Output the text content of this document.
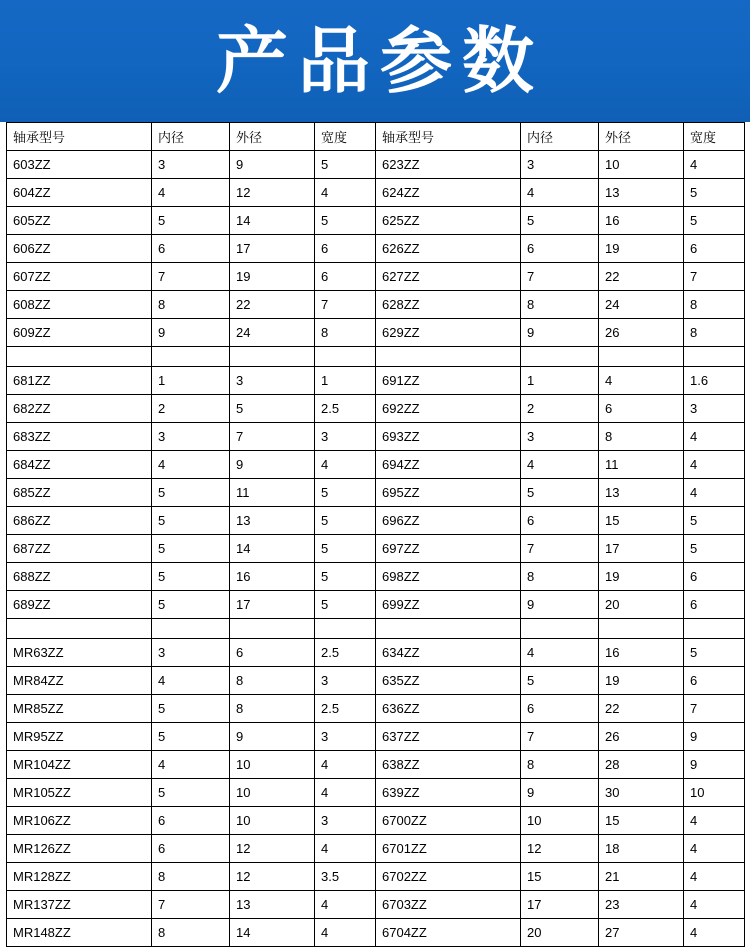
产品参数
轴承型号	内径	外径	宽度	轴承型号	内径	外径	宽度
603ZZ	3	9	5	623ZZ	3	10	4
604ZZ	4	12	4	624ZZ	4	13	5
605ZZ	5	14	5	625ZZ	5	16	5
606ZZ	6	17	6	626ZZ	6	19	6
607ZZ	7	19	6	627ZZ	7	22	7
608ZZ	8	22	7	628ZZ	8	24	8
609ZZ	9	24	8	629ZZ	9	26	8

681ZZ	1	3	1	691ZZ	1	4	1.6
682ZZ	2	5	2.5	692ZZ	2	6	3
683ZZ	3	7	3	693ZZ	3	8	4
684ZZ	4	9	4	694ZZ	4	11	4
685ZZ	5	11	5	695ZZ	5	13	4
686ZZ	5	13	5	696ZZ	6	15	5
687ZZ	5	14	5	697ZZ	7	17	5
688ZZ	5	16	5	698ZZ	8	19	6
689ZZ	5	17	5	699ZZ	9	20	6

MR63ZZ	3	6	2.5	634ZZ	4	16	5
MR84ZZ	4	8	3	635ZZ	5	19	6
MR85ZZ	5	8	2.5	636ZZ	6	22	7
MR95ZZ	5	9	3	637ZZ	7	26	9
MR104ZZ	4	10	4	638ZZ	8	28	9
MR105ZZ	5	10	4	639ZZ	9	30	10
MR106ZZ	6	10	3	6700ZZ	10	15	4
MR126ZZ	6	12	4	6701ZZ	12	18	4
MR128ZZ	8	12	3.5	6702ZZ	15	21	4
MR137ZZ	7	13	4	6703ZZ	17	23	4
MR148ZZ	8	14	4	6704ZZ	20	27	4
